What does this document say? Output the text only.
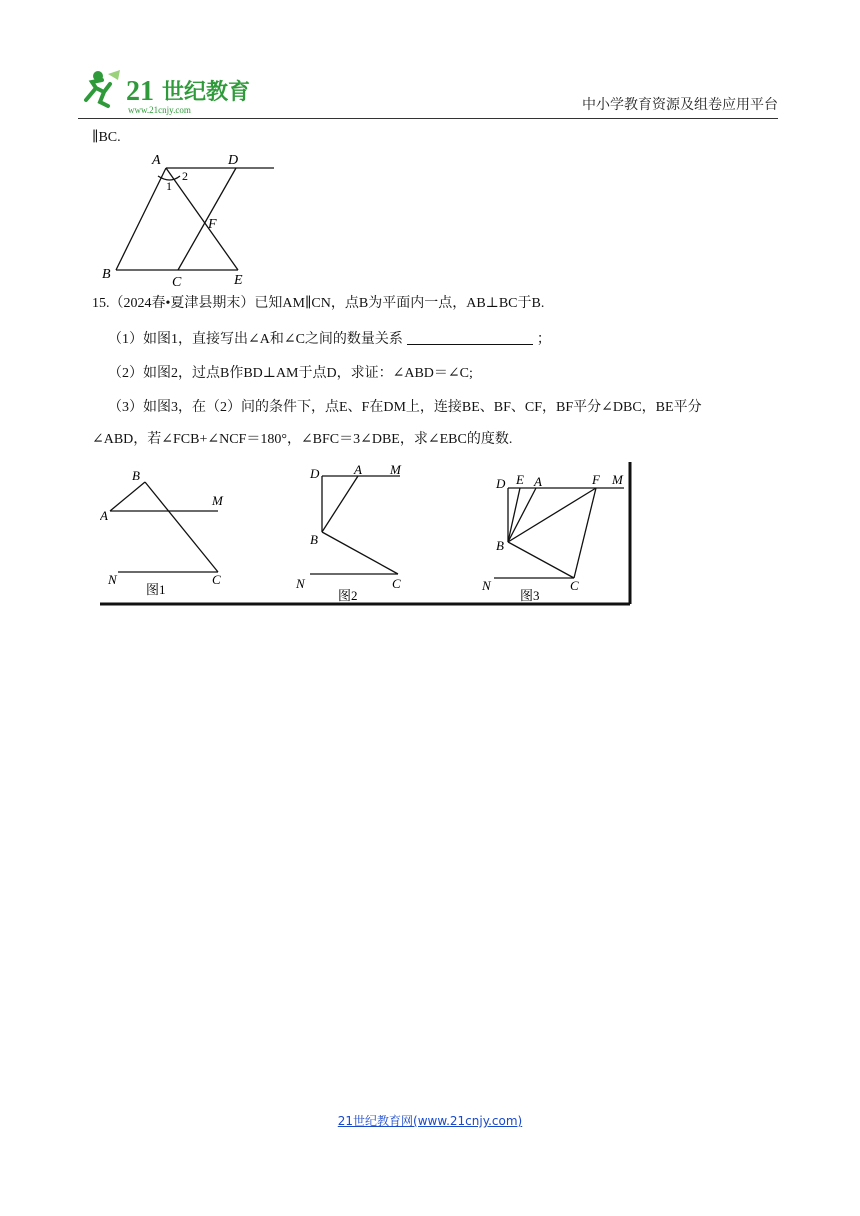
21 世纪教育
www.21cnjy.com	中小学教育资源及组卷应用平台
∥BC.
A	D
1
2
F
B
C	E
15.（2024春•夏津县期末）已知AM∥CN，点B为平面内一点，AB⊥BC于B.
（1）如图1，直接写出∠A和∠C之间的数量关系	；
（2）如图2，过点B作BD⊥AM于点D，求证：∠ABD＝∠C;
（3）如图3，在（2）问的条件下，点E、F在DM上，连接BE、BF、CF，BF平分∠DBC，BE平分
∠ABD，若∠FCB+∠NCF＝180°，∠BFC＝3∠DBE，求∠EBC的度数.
B
A
M
N	C
图1
D	A M
B
N	C
图2
D E A	F M
B
N	C
图3
21世纪教育网(www.21cnjy.com)
